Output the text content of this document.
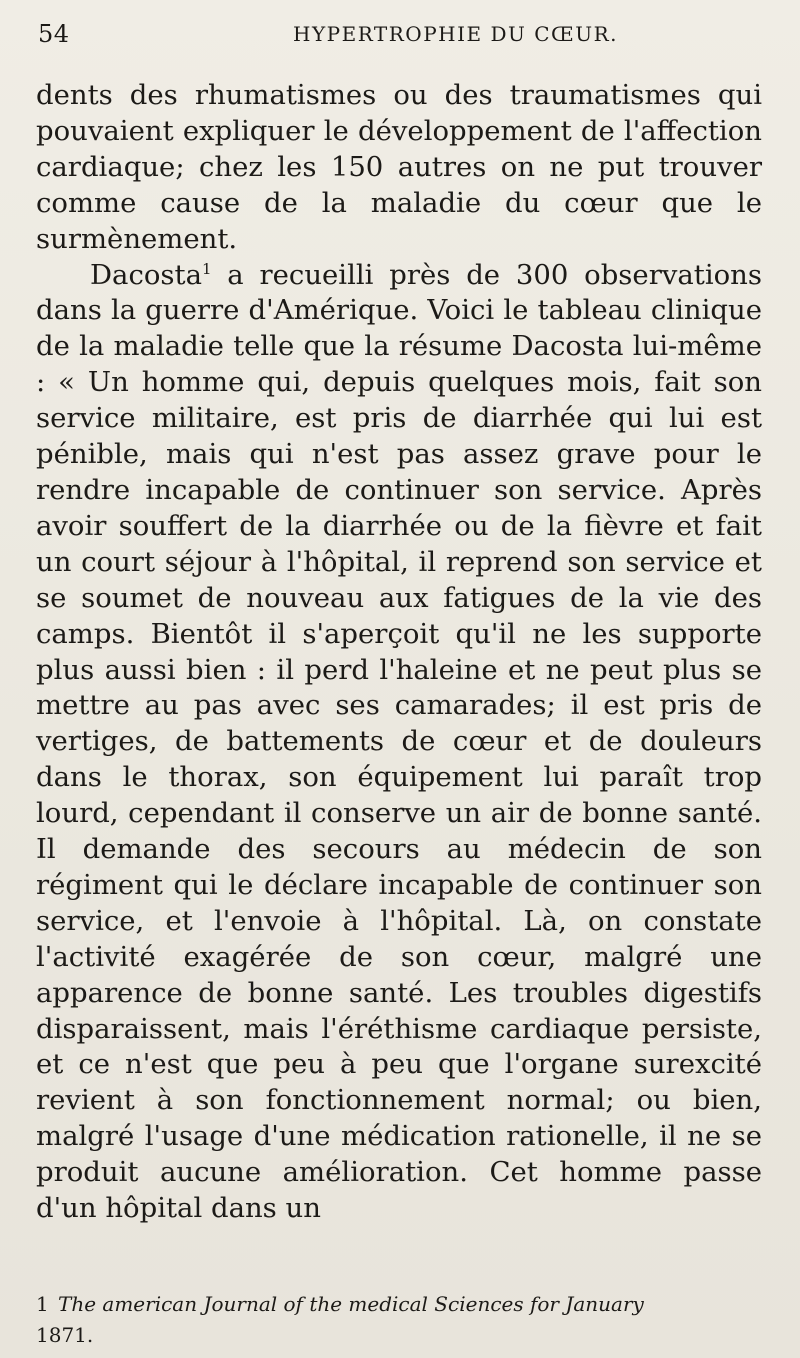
54	HYPERTROPHIE DU CŒUR.

dents des rhumatismes ou des traumatismes qui pouvaient expliquer le développement de l'affection cardiaque; chez les 150 autres on ne put trouver comme cause de la maladie du cœur que le surmènement.

Dacosta$^1$ a recueilli près de 300 observations dans la guerre d'Amérique. Voici le tableau clinique de la maladie telle que la résume Dacosta lui-même : « Un homme qui, depuis quelques mois, fait son service militaire, est pris de diarrhée qui lui est pénible, mais qui n'est pas assez grave pour le rendre incapable de continuer son service. Après avoir souffert de la diarrhée ou de la fièvre et fait un court séjour à l'hôpital, il reprend son service et se soumet de nouveau aux fatigues de la vie des camps. Bientôt il s'aperçoit qu'il ne les supporte plus aussi bien : il perd l'haleine et ne peut plus se mettre au pas avec ses camarades; il est pris de vertiges, de battements de cœur et de douleurs dans le thorax, son équipement lui paraît trop lourd, cependant il conserve un air de bonne santé. Il demande des secours au médecin de son régiment qui le déclare incapable de continuer son service, et l'envoie à l'hôpital. Là, on constate l'activité exagérée de son cœur, malgré une apparence de bonne santé. Les troubles digestifs disparaissent, mais l'éréthisme cardiaque persiste, et ce n'est que peu à peu que l'organe surexcité revient à son fonctionnement normal; ou bien, malgré l'usage d'une médication rationelle, il ne se produit aucune amélioration. Cet homme passe d'un hôpital dans un

1 The american Journal of the medical Sciences for January
1871.
